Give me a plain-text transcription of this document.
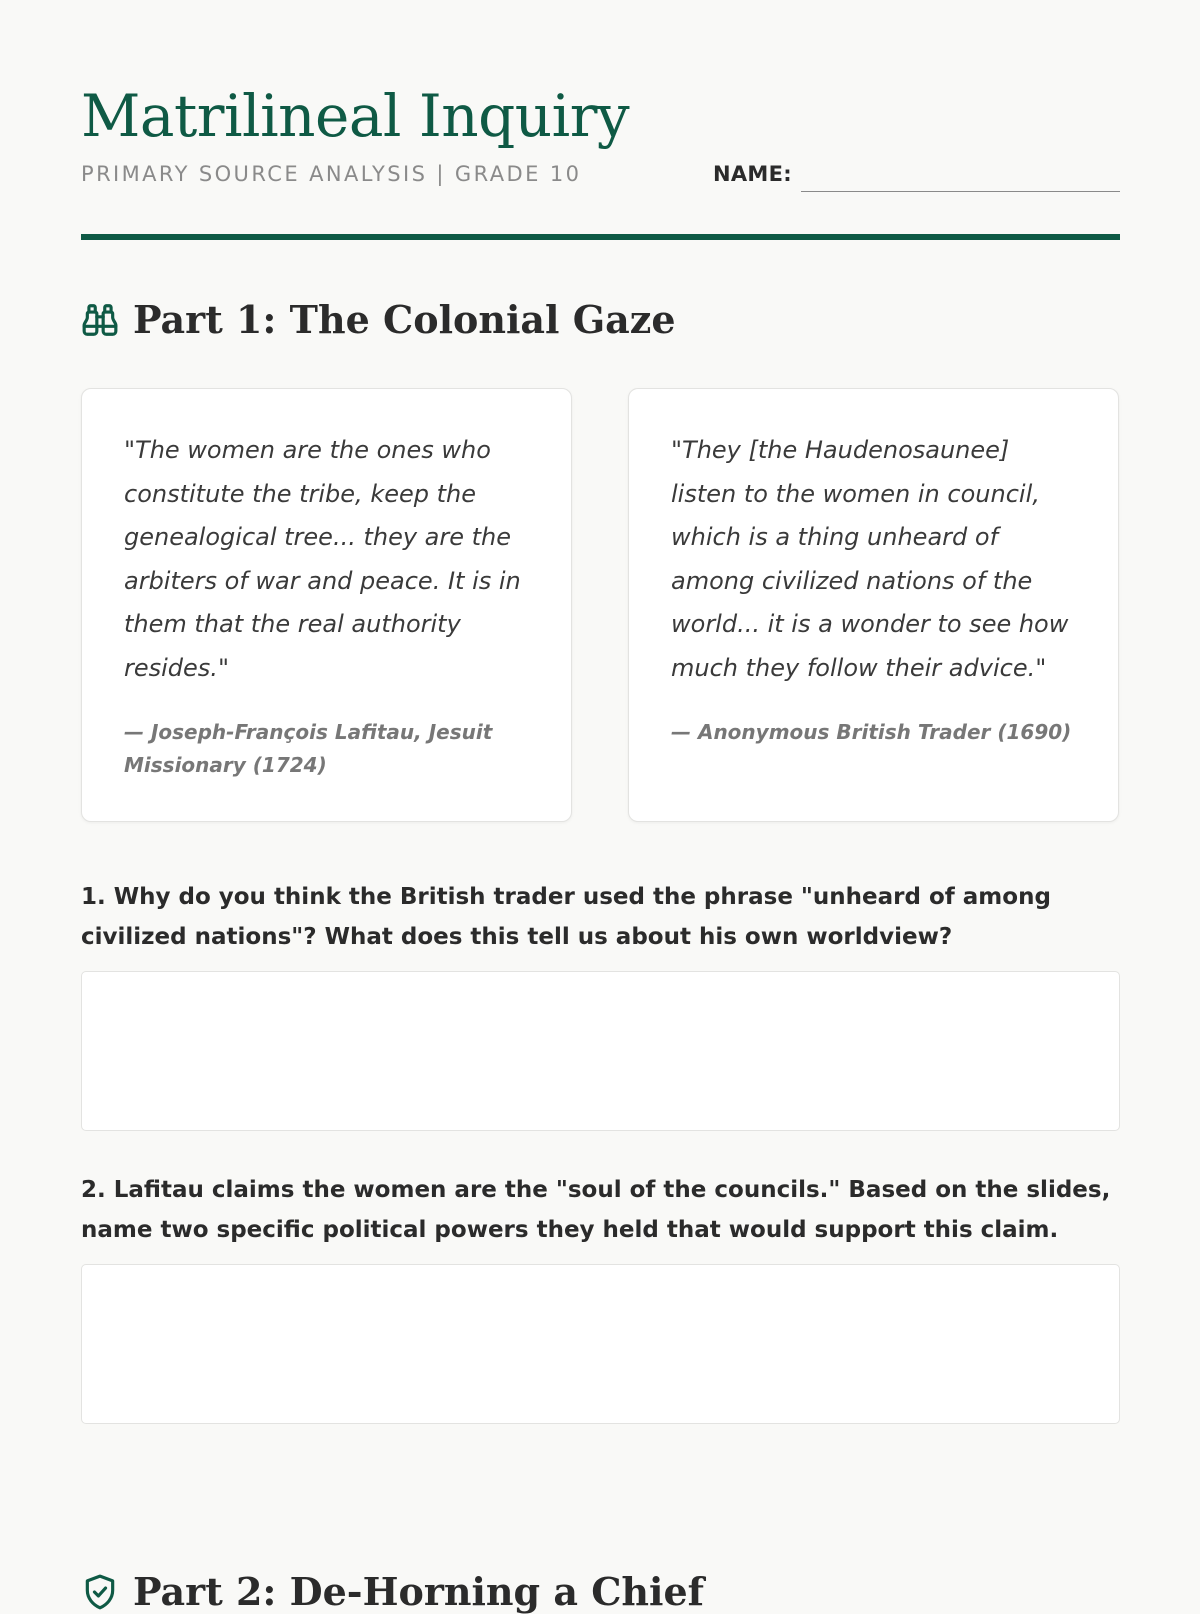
Matrilineal Inquiry
PRIMARY SOURCE ANALYSIS | GRADE 10	NAME:
Part 1: The Colonial Gaze

"The women are the ones who constitute the tribe, keep the genealogical tree... they are the arbiters of war and peace. It is in them that the real authority resides."

— Joseph-François Lafitau, Jesuit Missionary (1724)

"They [the Haudenosaunee] listen to the women in council, which is a thing unheard of among civilized nations of the world... it is a wonder to see how much they follow their advice."

— Anonymous British Trader (1690)

1. Why do you think the British trader used the phrase "unheard of among civilized nations"? What does this tell us about his own worldview?

2. Lafitau claims the women are the "soul of the councils." Based on the slides, name two specific political powers they held that would support this claim.

Part 2: De-Horning a Chief
